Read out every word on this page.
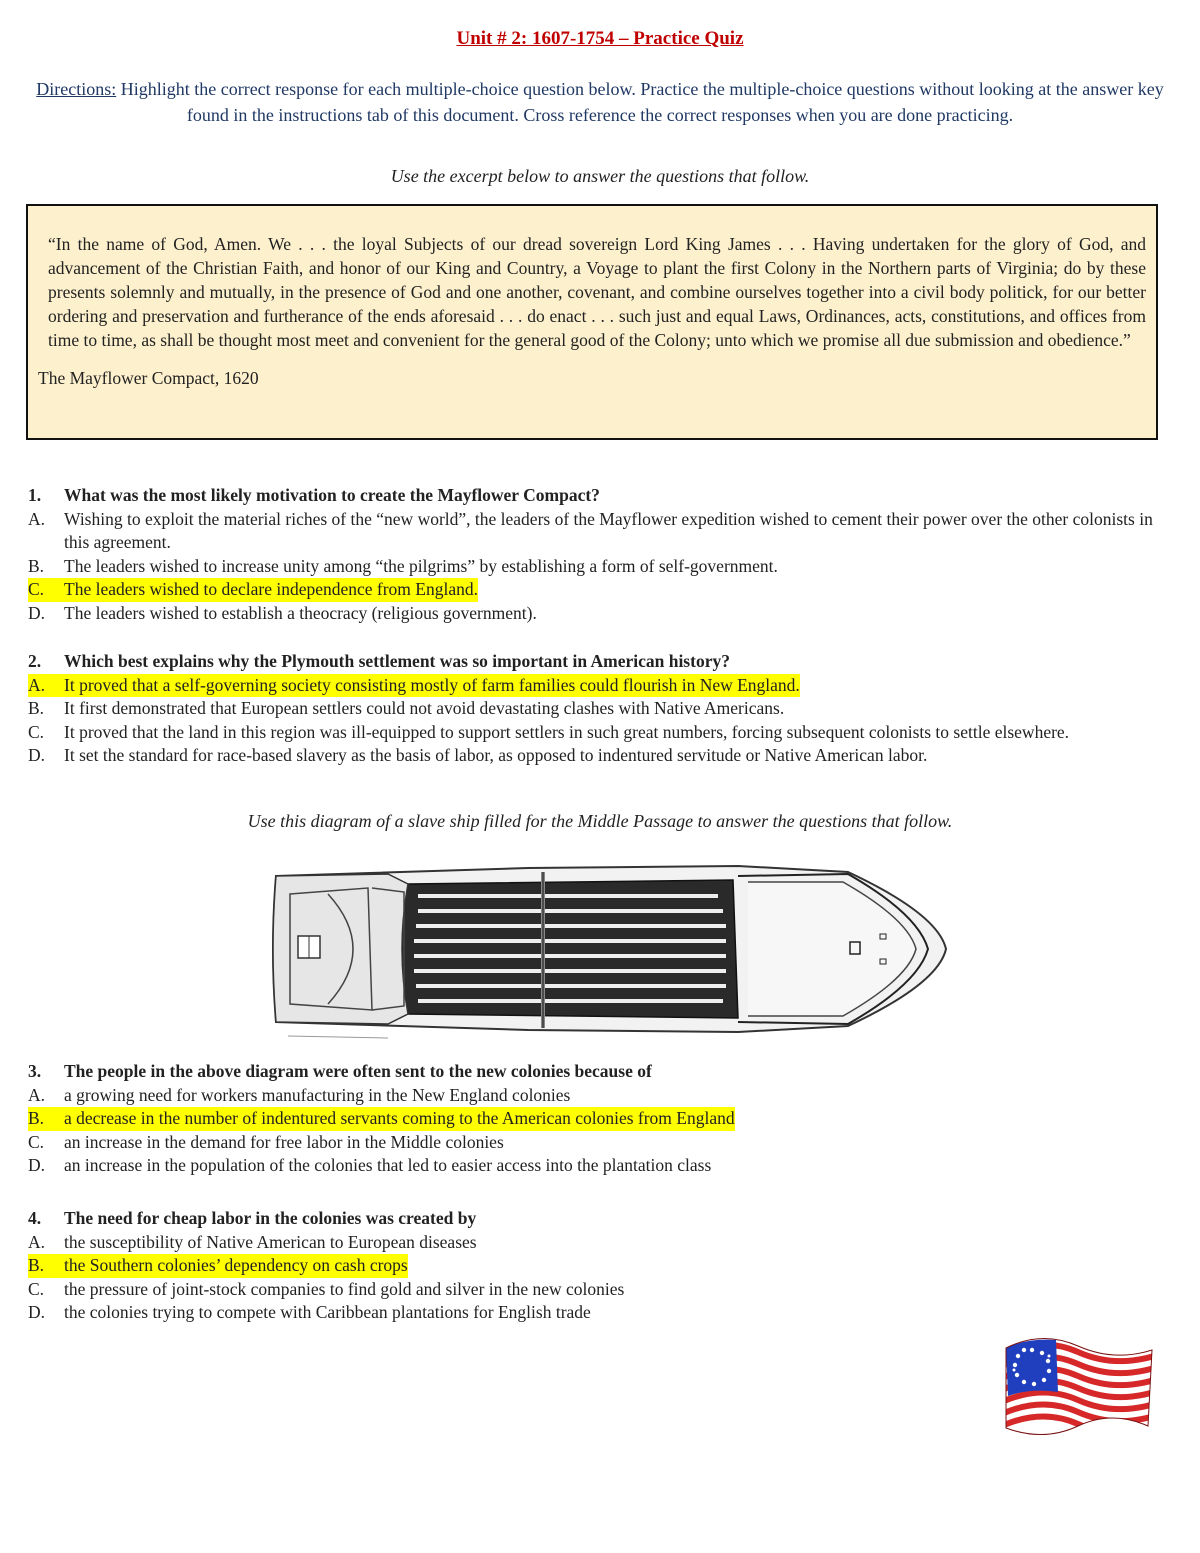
Unit # 2: 1607-1754 – Practice Quiz
Directions: Highlight the correct response for each multiple-choice question below. Practice the multiple-choice questions without looking at the answer key found in the instructions tab of this document. Cross reference the correct responses when you are done practicing.
Use the excerpt below to answer the questions that follow.
“In the name of God, Amen. We . . . the loyal Subjects of our dread sovereign Lord King James . . . Having undertaken for the glory of God, and advancement of the Christian Faith, and honor of our King and Country, a Voyage to plant the first Colony in the Northern parts of Virginia; do by these presents solemnly and mutually, in the presence of God and one another, covenant, and combine ourselves together into a civil body politick, for our better ordering and preservation and furtherance of the ends aforesaid . . . do enact . . . such just and equal Laws, Ordinances, acts, constitutions, and offices from time to time, as shall be thought most meet and convenient for the general good of the Colony; unto which we promise all due submission and obedience.”
The Mayflower Compact, 1620
1.	What was the most likely motivation to create the Mayflower Compact?
A.	Wishing to exploit the material riches of the “new world”, the leaders of the Mayflower expedition wished to cement their power over the other colonists in this agreement.
B.	The leaders wished to increase unity among “the pilgrims” by establishing a form of self-government.
C. The leaders wished to declare independence from England.
D.	The leaders wished to establish a theocracy (religious government).
2.	Which best explains why the Plymouth settlement was so important in American history?
A. It proved that a self-governing society consisting mostly of farm families could flourish in New England.
B.	It first demonstrated that European settlers could not avoid devastating clashes with Native Americans.
C.	It proved that the land in this region was ill-equipped to support settlers in such great numbers, forcing subsequent colonists to settle elsewhere.
D.	It set the standard for race-based slavery as the basis of labor, as opposed to indentured servitude or Native American labor.
Use this diagram of a slave ship filled for the Middle Passage to answer the questions that follow.
3.	The people in the above diagram were often sent to the new colonies because of
A.	a growing need for workers manufacturing in the New England colonies
B. a decrease in the number of indentured servants coming to the American colonies from England
C.	an increase in the demand for free labor in the Middle colonies
D.	an increase in the population of the colonies that led to easier access into the plantation class
4.	The need for cheap labor in the colonies was created by
A.	the susceptibility of Native American to European diseases
B. the Southern colonies’ dependency on cash crops
C.	the pressure of joint-stock companies to find gold and silver in the new colonies
D.	the colonies trying to compete with Caribbean plantations for English trade
